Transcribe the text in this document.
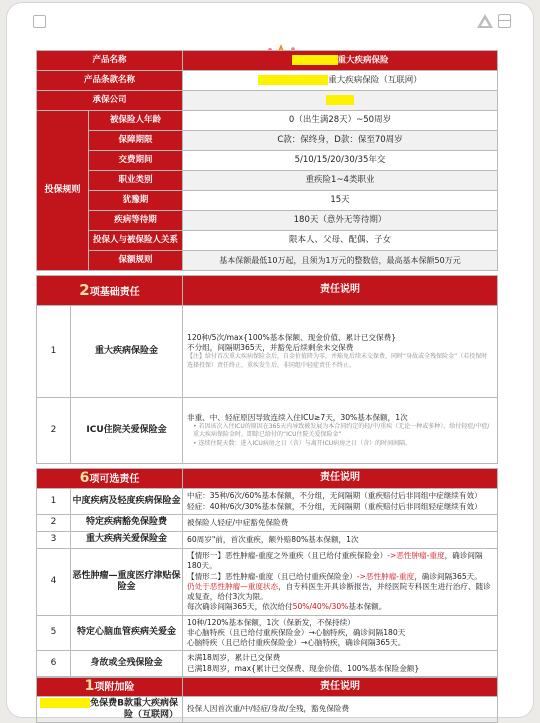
产品名称		重大疾病保险
产品条款名称		重大疾病保险（互联网）
承保公司		
投保规则	被保险人年龄	0（出生满28天）~50周岁
	保障期限	C款：保终身，D款：保至70周岁
	交费期间	5/10/15/20/30/35年交
	职业类别	重疾险1~4类职业
	犹豫期	15天
	疾病等待期	180天（意外无等待期）
	投保人与被保险人关系	限本人、父母、配偶、子女
	保额规则	基本保额最低10万起，且须为1万元的整数倍，最高基本保额50万元
2项基础责任		责任说明
1	重大疾病保险金	120种/5次/max{100%基本保额、现金价值、累计已交保费}
不分组，间隔期365天，并豁免后续剩余未交保费
【注】给付首次重大疾病保险金后，自金价值降为零，并豁免后续未交保费，同时“身故或全残保险金”（若投保时选择投保）责任终止，重疾发生后，非同组中轻症责任不终止。

2	ICU住院关爱保险金	非重、中、轻症原因导致连续入住ICU≥7天，30%基本保额，1次
• 若因该次入住ICU的原因在365天内导致被发展为本合同约定的轻/中/重疾（无论一种或多种），给付轻症/中症/重大疾病保险金时，即除已给付的“ICU住院关爱保险金”
• 连续住院天数：进入ICU病房之日（含）与离开ICU病房之日（含）的时间间隔。
6项可选责任		责任说明
1	中度疾病及轻度疾病保险金	中症：35种/6次/60%基本保额，不分组，无间隔期（重疾赔付后非同组中症继续有效）
轻症：40种/6次/30%基本保额，不分组，无间隔期（重疾赔付后非同组轻症继续有效）

2	特定疾病豁免保险费	被保险人轻症/中症豁免保险费
3	重大疾病关爱保险金	60周岁"前，首次重疾，额外赔80%基本保额，1次
4	恶性肿瘤—重度医疗津贴保险金	【情形一】恶性肿瘤-重度之外重疾（且已给付重疾保险金）->恶性肿瘤-重度，确诊间隔180天。
【情形二】恶性肿瘤-重度（且已给付重疾保险金）->恶性肿瘤-重度，确诊间隔365天。
仍处于恶性肿瘤—重度状态，自专科医生开具诊断报告，并经医院专科医生进行治疗、随诊或复查，给付3次为限。
每次确诊间隔365天，依次给付50%/40%/30%基本保额。

5	特定心脑血管疾病关爱金	10种/120%基本保额，1次（保新发，不保持续）
非心脑特疾（且已给付重疾保险金）→心脑特疾，确诊间隔180天
心脑特疾（且已给付重疾保险金）→心脑特疾，确诊间隔365天。

6	身故或全残保险金	未满18周岁，累计已交保费
已满18周岁，max{累计已交保费、现金价值、100%基本保险金额}
1项附加险	责任说明
免保费B款重大疾病保险（互联网）	投保人因首次重/中/轻症/身故/全残，豁免保险费
